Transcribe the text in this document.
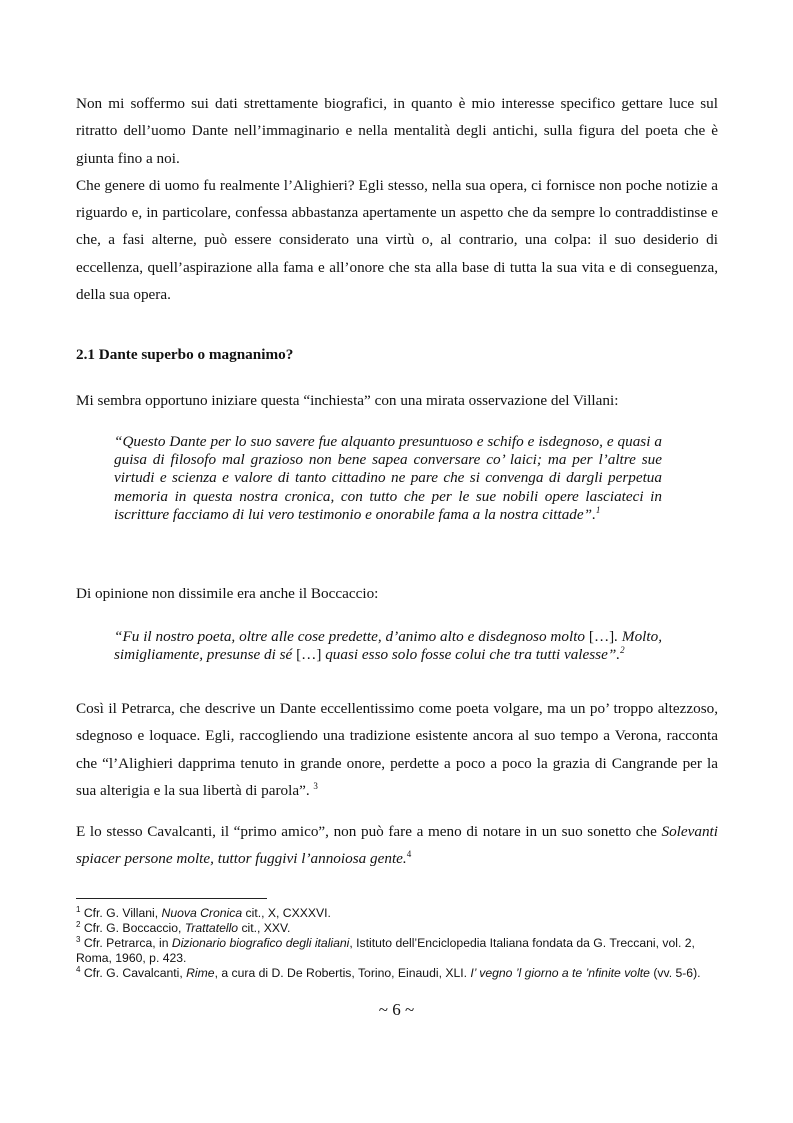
Non mi soffermo sui dati strettamente biografici, in quanto è mio interesse specifico gettare luce sul ritratto dell’uomo Dante nell’immaginario e nella mentalità degli antichi, sulla figura del poeta che è giunta fino a noi.

Che genere di uomo fu realmente l’Alighieri? Egli stesso, nella sua opera, ci fornisce non poche notizie a riguardo e, in particolare, confessa abbastanza apertamente un aspetto che da sempre lo contraddistinse e che, a fasi alterne, può essere considerato una virtù o, al contrario, una colpa: il suo desiderio di eccellenza, quell’aspirazione alla fama e all’onore che sta alla base di tutta la sua vita e di conseguenza, della sua opera.

2.1 Dante superbo o magnanimo?

Mi sembra opportuno iniziare questa “inchiesta” con una mirata osservazione del Villani:

“Questo Dante per lo suo savere fue alquanto presuntuoso e schifo e isdegnoso, e quasi a guisa di filosofo mal grazioso non bene sapea conversare co’ laici; ma per l’altre sue virtudi e scienza e valore di tanto cittadino ne pare che si convenga di dargli perpetua memoria in questa nostra cronica, con tutto che per le sue nobili opere lasciateci in iscritture facciamo di lui vero testimonio e onorabile fama a la nostra cittade”.$^1$

Di opinione non dissimile era anche il Boccaccio:

“Fu il nostro poeta, oltre alle cose predette, d’animo alto e disdegnoso molto […]. Molto, simigliamente, presunse di sé […] quasi esso solo fosse colui che tra tutti valesse”.$^2$

Così il Petrarca, che descrive un Dante eccellentissimo come poeta volgare, ma un po’ troppo altezzoso, sdegnoso e loquace. Egli, raccogliendo una tradizione esistente ancora al suo tempo a Verona, racconta che “l’Alighieri dapprima tenuto in grande onore, perdette a poco a poco la grazia di Cangrande per la sua alterigia e la sua libertà di parola”. $^3$

E lo stesso Cavalcanti, il “primo amico”, non può fare a meno di notare in un suo sonetto che Solevanti spiacer persone molte, tuttor fuggivi l’annoiosa gente.$^4$

$^1$ Cfr. G. Villani, Nuova Cronica cit., X, CXXXVI.

$^2$ Cfr. G. Boccaccio, Trattatello cit., XXV.

$^3$ Cfr. Petrarca, in Dizionario biografico degli italiani, Istituto dell’Enciclopedia Italiana fondata da G. Treccani, vol. 2, Roma, 1960, p. 423.

$^4$ Cfr. G. Cavalcanti, Rime, a cura di D. De Robertis, Torino, Einaudi, XLI. I’ vegno ’l giorno a te ’nfinite volte (vv. 5-6).

~ 6 ~
